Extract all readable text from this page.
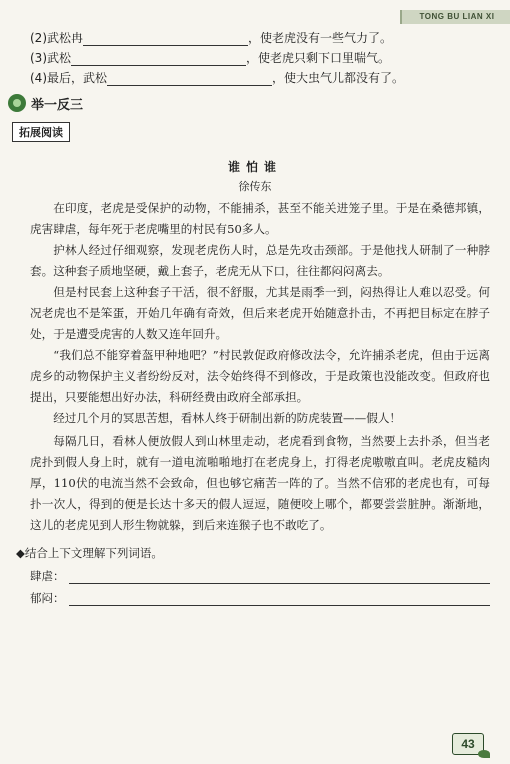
TONG BU LIAN XI
(2)武松冉	，使老虎没有一些气力了。
(3)武松	，使老虎只剩下口里喘气。
(4)最后，武松	，使大虫气儿都没有了。
举一反三
拓展阅读
谁怕谁
徐传东
在印度，老虎是受保护的动物，不能捕杀，甚至不能关进笼子里。于是在桑德邦镇，虎害肆虐，每年死于老虎嘴里的村民有50多人。
护林人经过仔细观察，发现老虎伤人时，总是先攻击颈部。于是他找人研制了一种脖套。这种套子质地坚硬，戴上套子，老虎无从下口，往往都闷闷离去。
但是村民套上这种套子干活，很不舒服，尤其是雨季一到，闷热得让人难以忍受。何况老虎也不是笨蛋，开始几年确有奇效，但后来老虎开始随意扑击，不再把目标定在脖子处，于是遭受虎害的人数又连年回升。
“我们总不能穿着盔甲种地吧？”村民敦促政府修改法令，允许捕杀老虎，但由于远离虎乡的动物保护主义者纷纷反对，法令始终得不到修改，于是政策也没能改变。但政府也提出，只要能想出好办法，科研经费由政府全部承担。
经过几个月的冥思苦想，看林人终于研制出新的防虎装置——假人！
每隔几日，看林人便放假人到山林里走动，老虎看到食物，当然要上去扑杀，但当老虎扑到假人身上时，就有一道电流啪啪地打在老虎身上，打得老虎嗷嗷直叫。老虎皮糙肉厚，110伏的电流当然不会致命，但也够它痛苦一阵的了。当然不信邪的老虎也有，可每扑一次人，得到的便是长达十多天的假人逗逗，随便咬上哪个，都要尝尝脏肿。渐渐地，这儿的老虎见到人形生物就躲，到后来连猴子也不敢吃了。
◆结合上下文理解下列词语。
肆虐：
郁闷：
43
